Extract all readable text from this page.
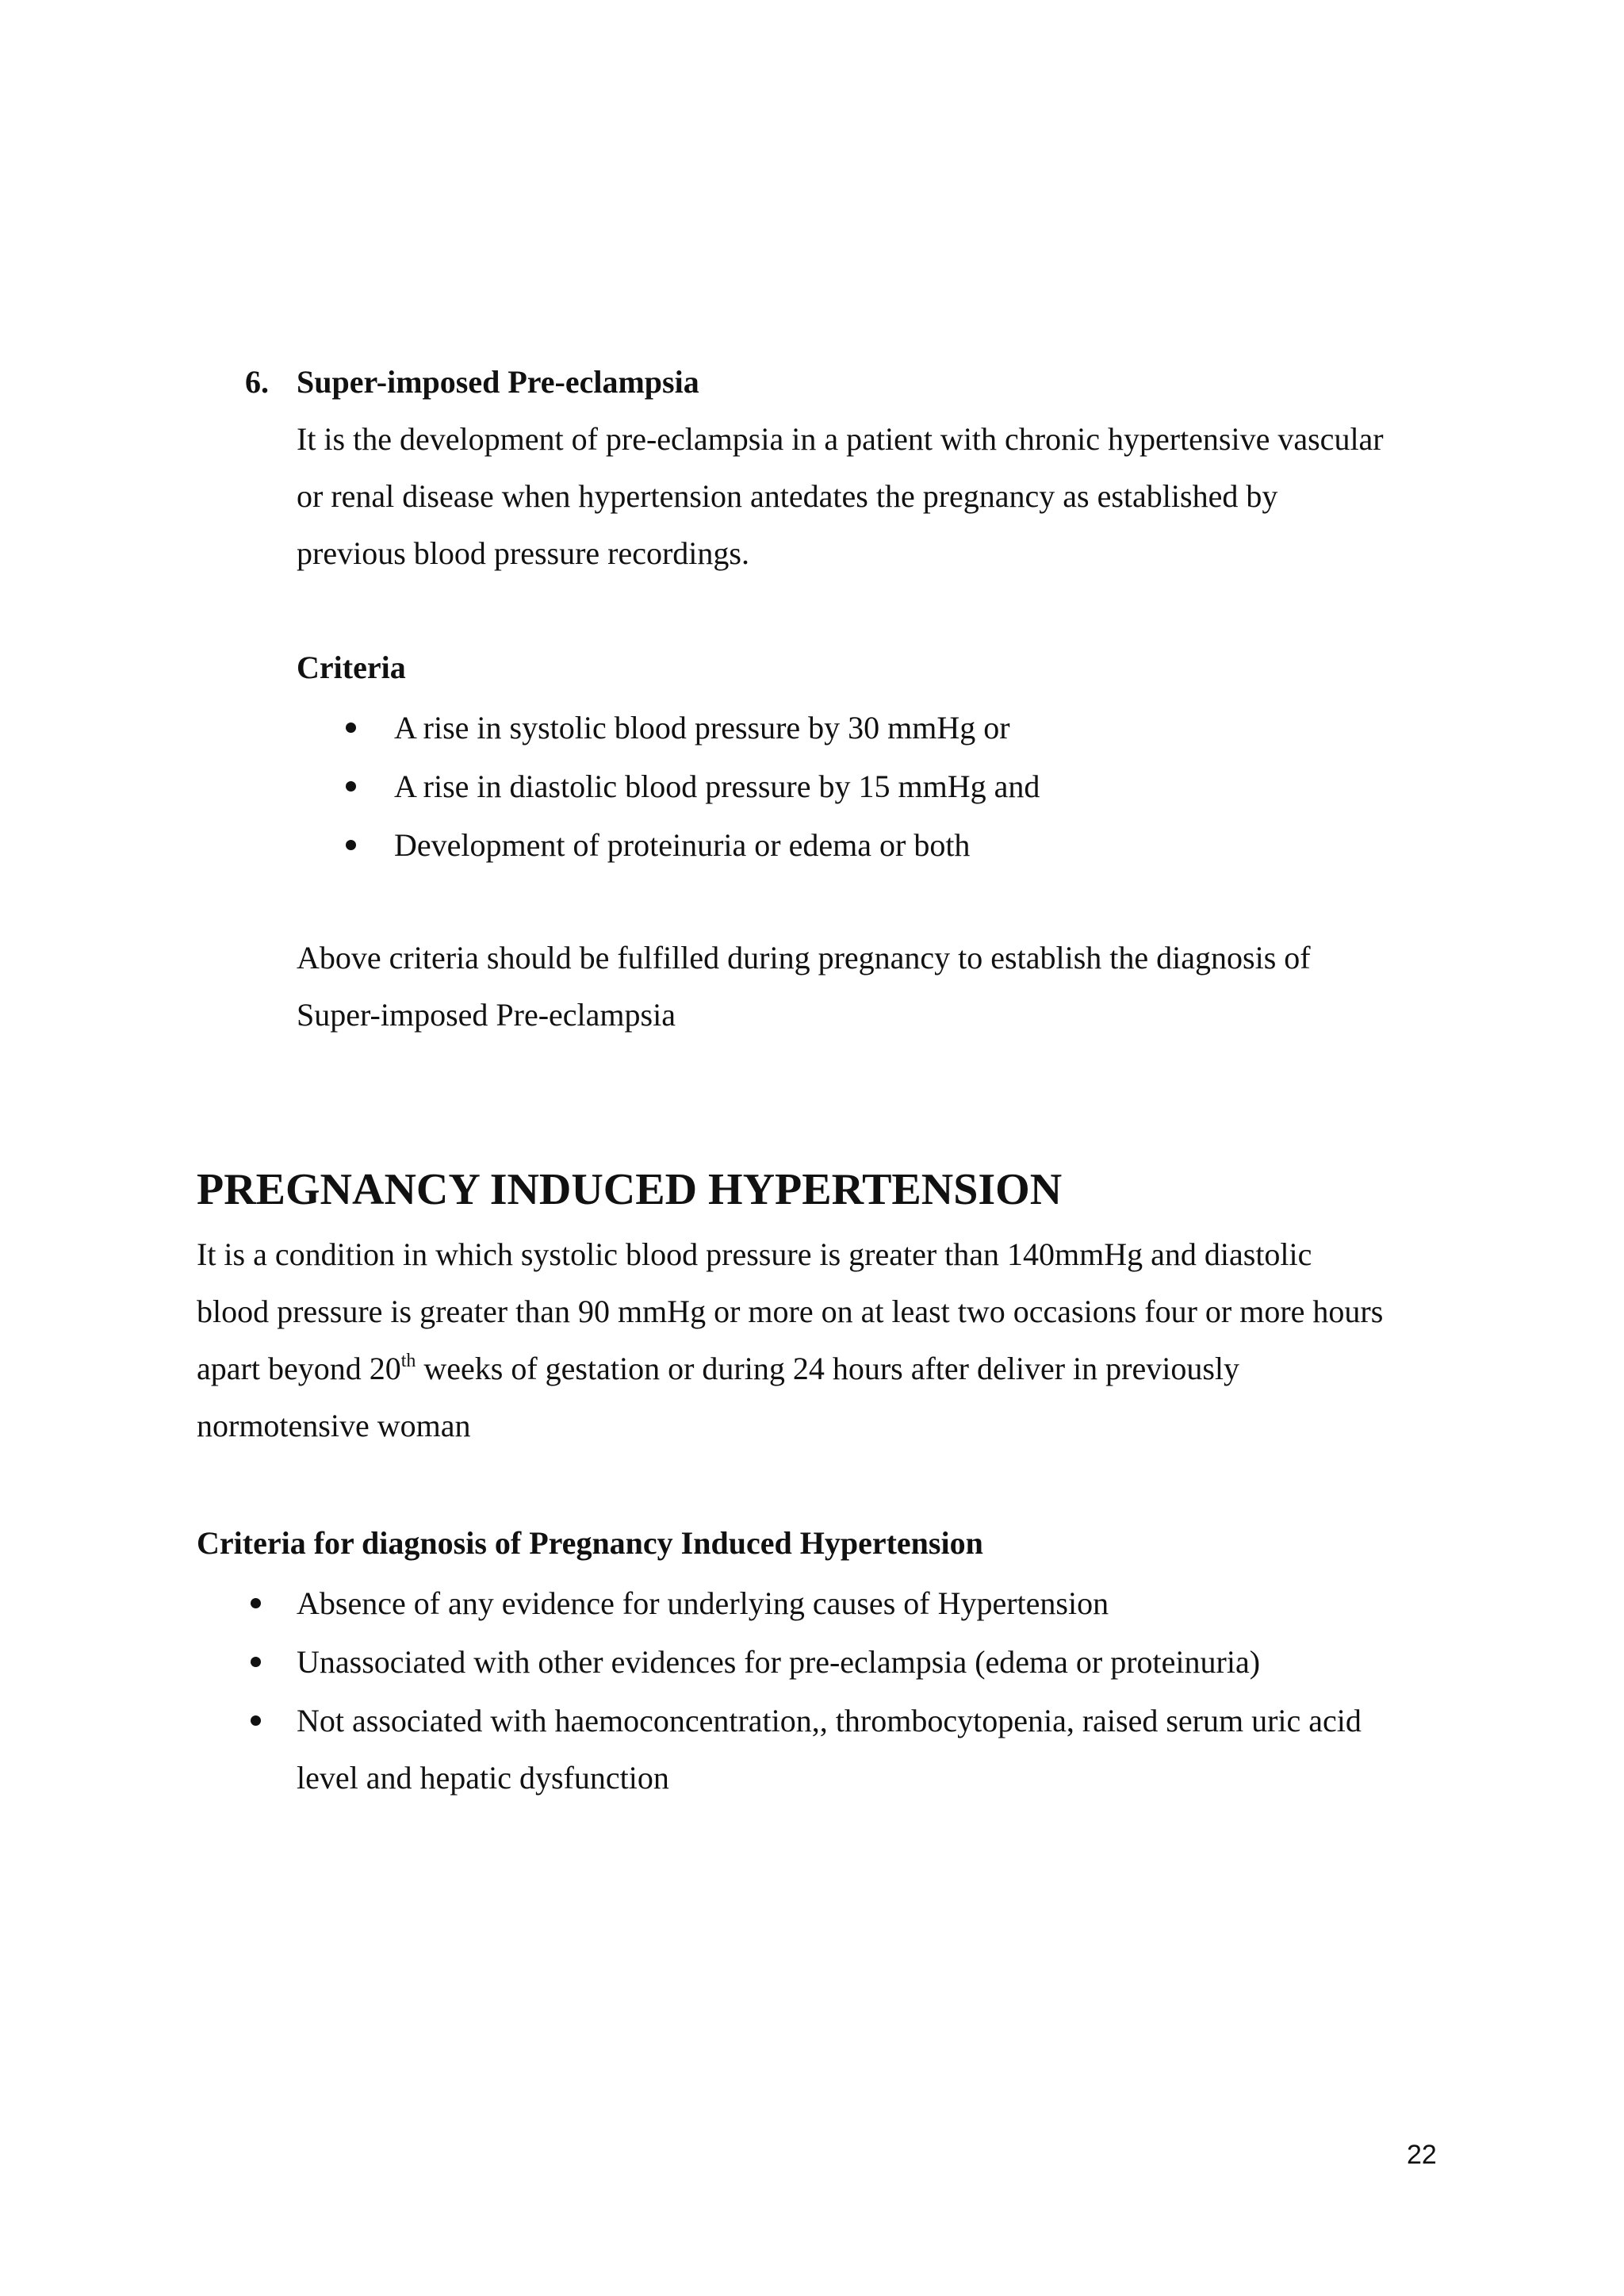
6. Super-imposed Pre-eclampsia
It is the development of pre-eclampsia in a patient with chronic hypertensive vascular
or renal disease when hypertension antedates the pregnancy as established by
previous blood pressure recordings.
Criteria
A rise in systolic blood pressure by 30 mmHg or
A rise in diastolic blood pressure by 15 mmHg and
Development of proteinuria or edema or both
Above criteria should be fulfilled during pregnancy to establish the diagnosis of
Super-imposed Pre-eclampsia
PREGNANCY INDUCED HYPERTENSION
It is a condition in which systolic blood pressure is greater than 140mmHg and diastolic
blood pressure is greater than 90 mmHg or more on at least two occasions four or more hours
apart beyond 20th weeks of gestation or during 24 hours after deliver in previously
normotensive woman
Criteria for diagnosis of Pregnancy Induced Hypertension
Absence of any evidence for underlying causes of Hypertension
Unassociated with other evidences for pre-eclampsia (edema or proteinuria)
Not associated with haemoconcentration,, thrombocytopenia, raised serum uric acid
level and hepatic dysfunction
22
